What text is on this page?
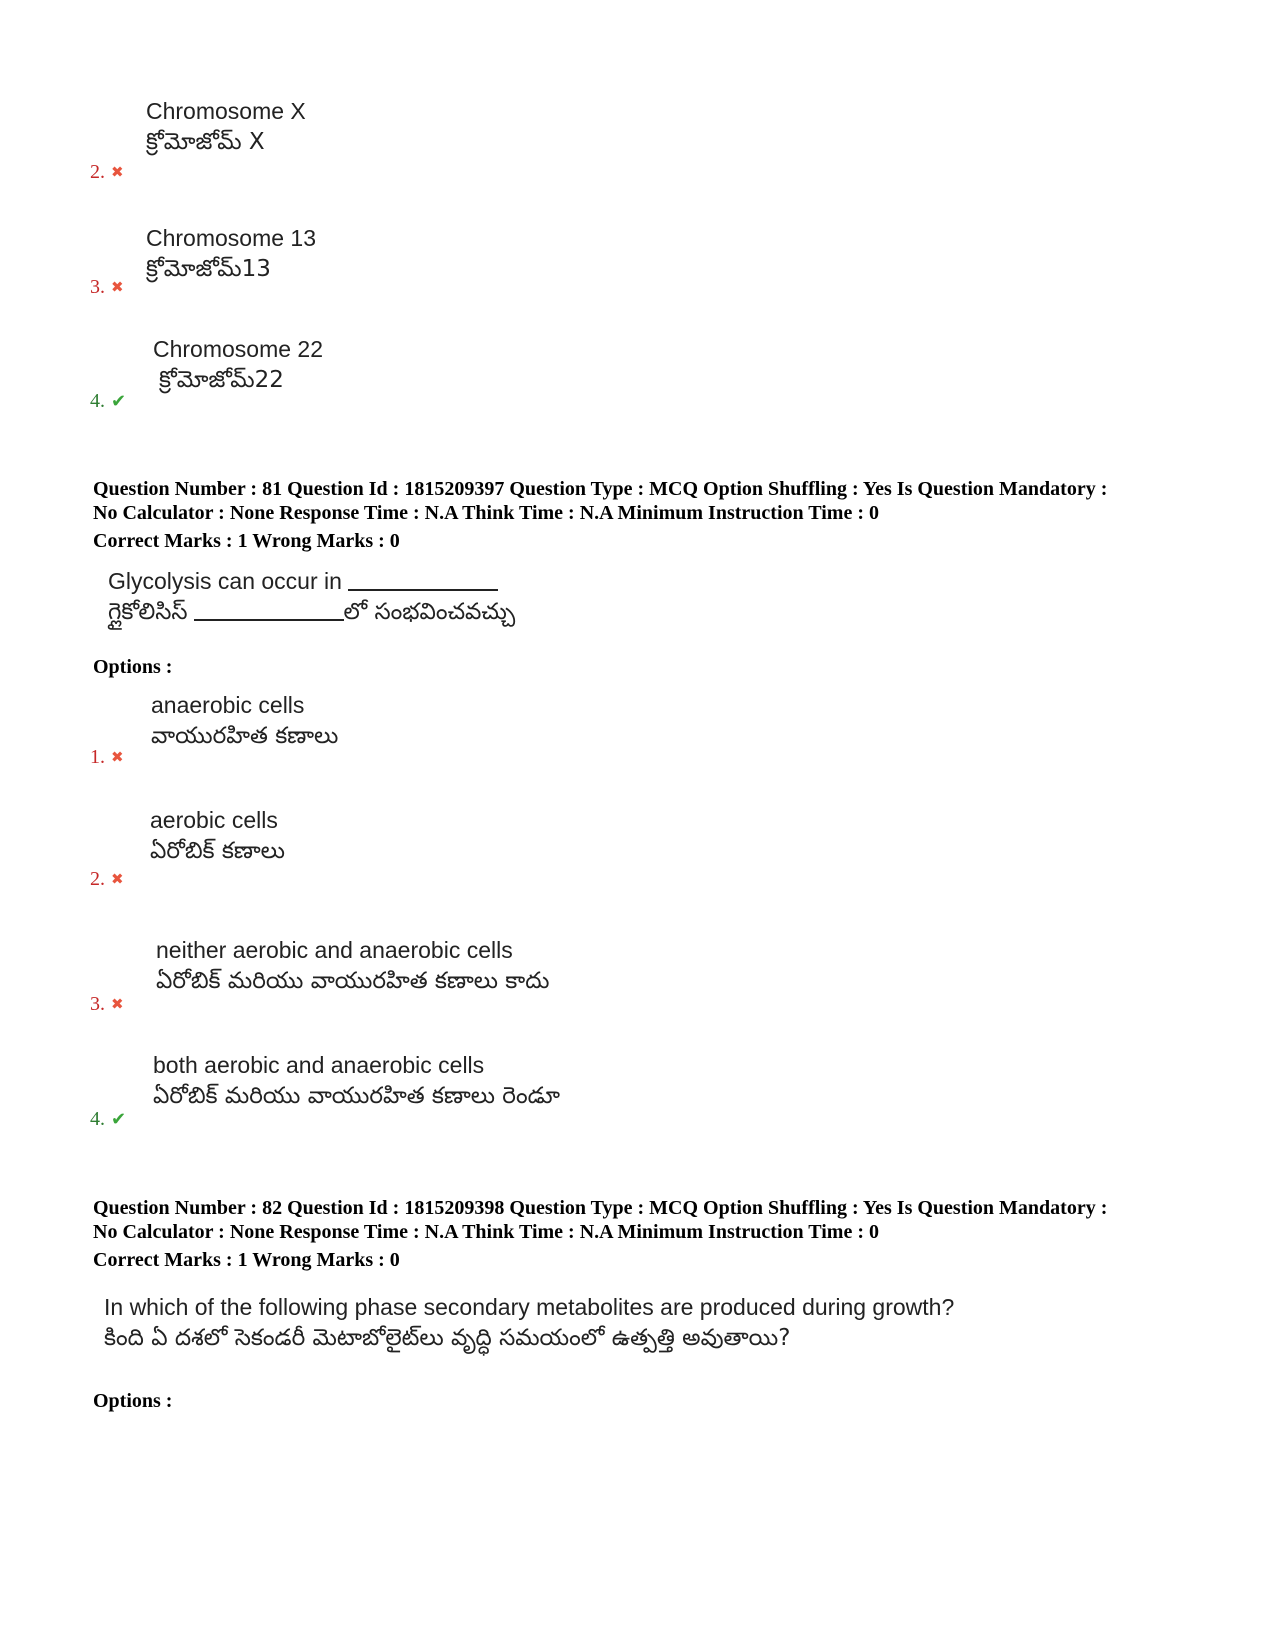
Chromosome X
క్రోమోజోమ్ X
2. ✖
Chromosome 13
క్రోమోజోమ్13
3. ✖
Chromosome 22
క్రోమోజోమ్22
4. ✔
Question Number : 81 Question Id : 1815209397 Question Type : MCQ Option Shuffling : Yes Is Question Mandatory :
No Calculator : None Response Time : N.A Think Time : N.A Minimum Instruction Time : 0
Correct Marks : 1 Wrong Marks : 0
Glycolysis can occur in
గ్లైకోలిసిస్	లో సంభవించవచ్చు
Options :
anaerobic cells
వాయురహిత కణాలు
1. ✖
aerobic cells
ఏరోబిక్ కణాలు
2. ✖
neither aerobic and anaerobic cells
ఏరోబిక్ మరియు వాయురహిత కణాలు కాదు
3. ✖
both aerobic and anaerobic cells
ఏరోబిక్ మరియు వాయురహిత కణాలు రెండూ
4. ✔
Question Number : 82 Question Id : 1815209398 Question Type : MCQ Option Shuffling : Yes Is Question Mandatory :
No Calculator : None Response Time : N.A Think Time : N.A Minimum Instruction Time : 0
Correct Marks : 1 Wrong Marks : 0
In which of the following phase secondary metabolites are produced during growth?
కింది ఏ దశలో సెకండరీ మెటాబోలైట్‌లు వృద్ధి సమయంలో ఉత్పత్తి అవుతాయి?
Options :
